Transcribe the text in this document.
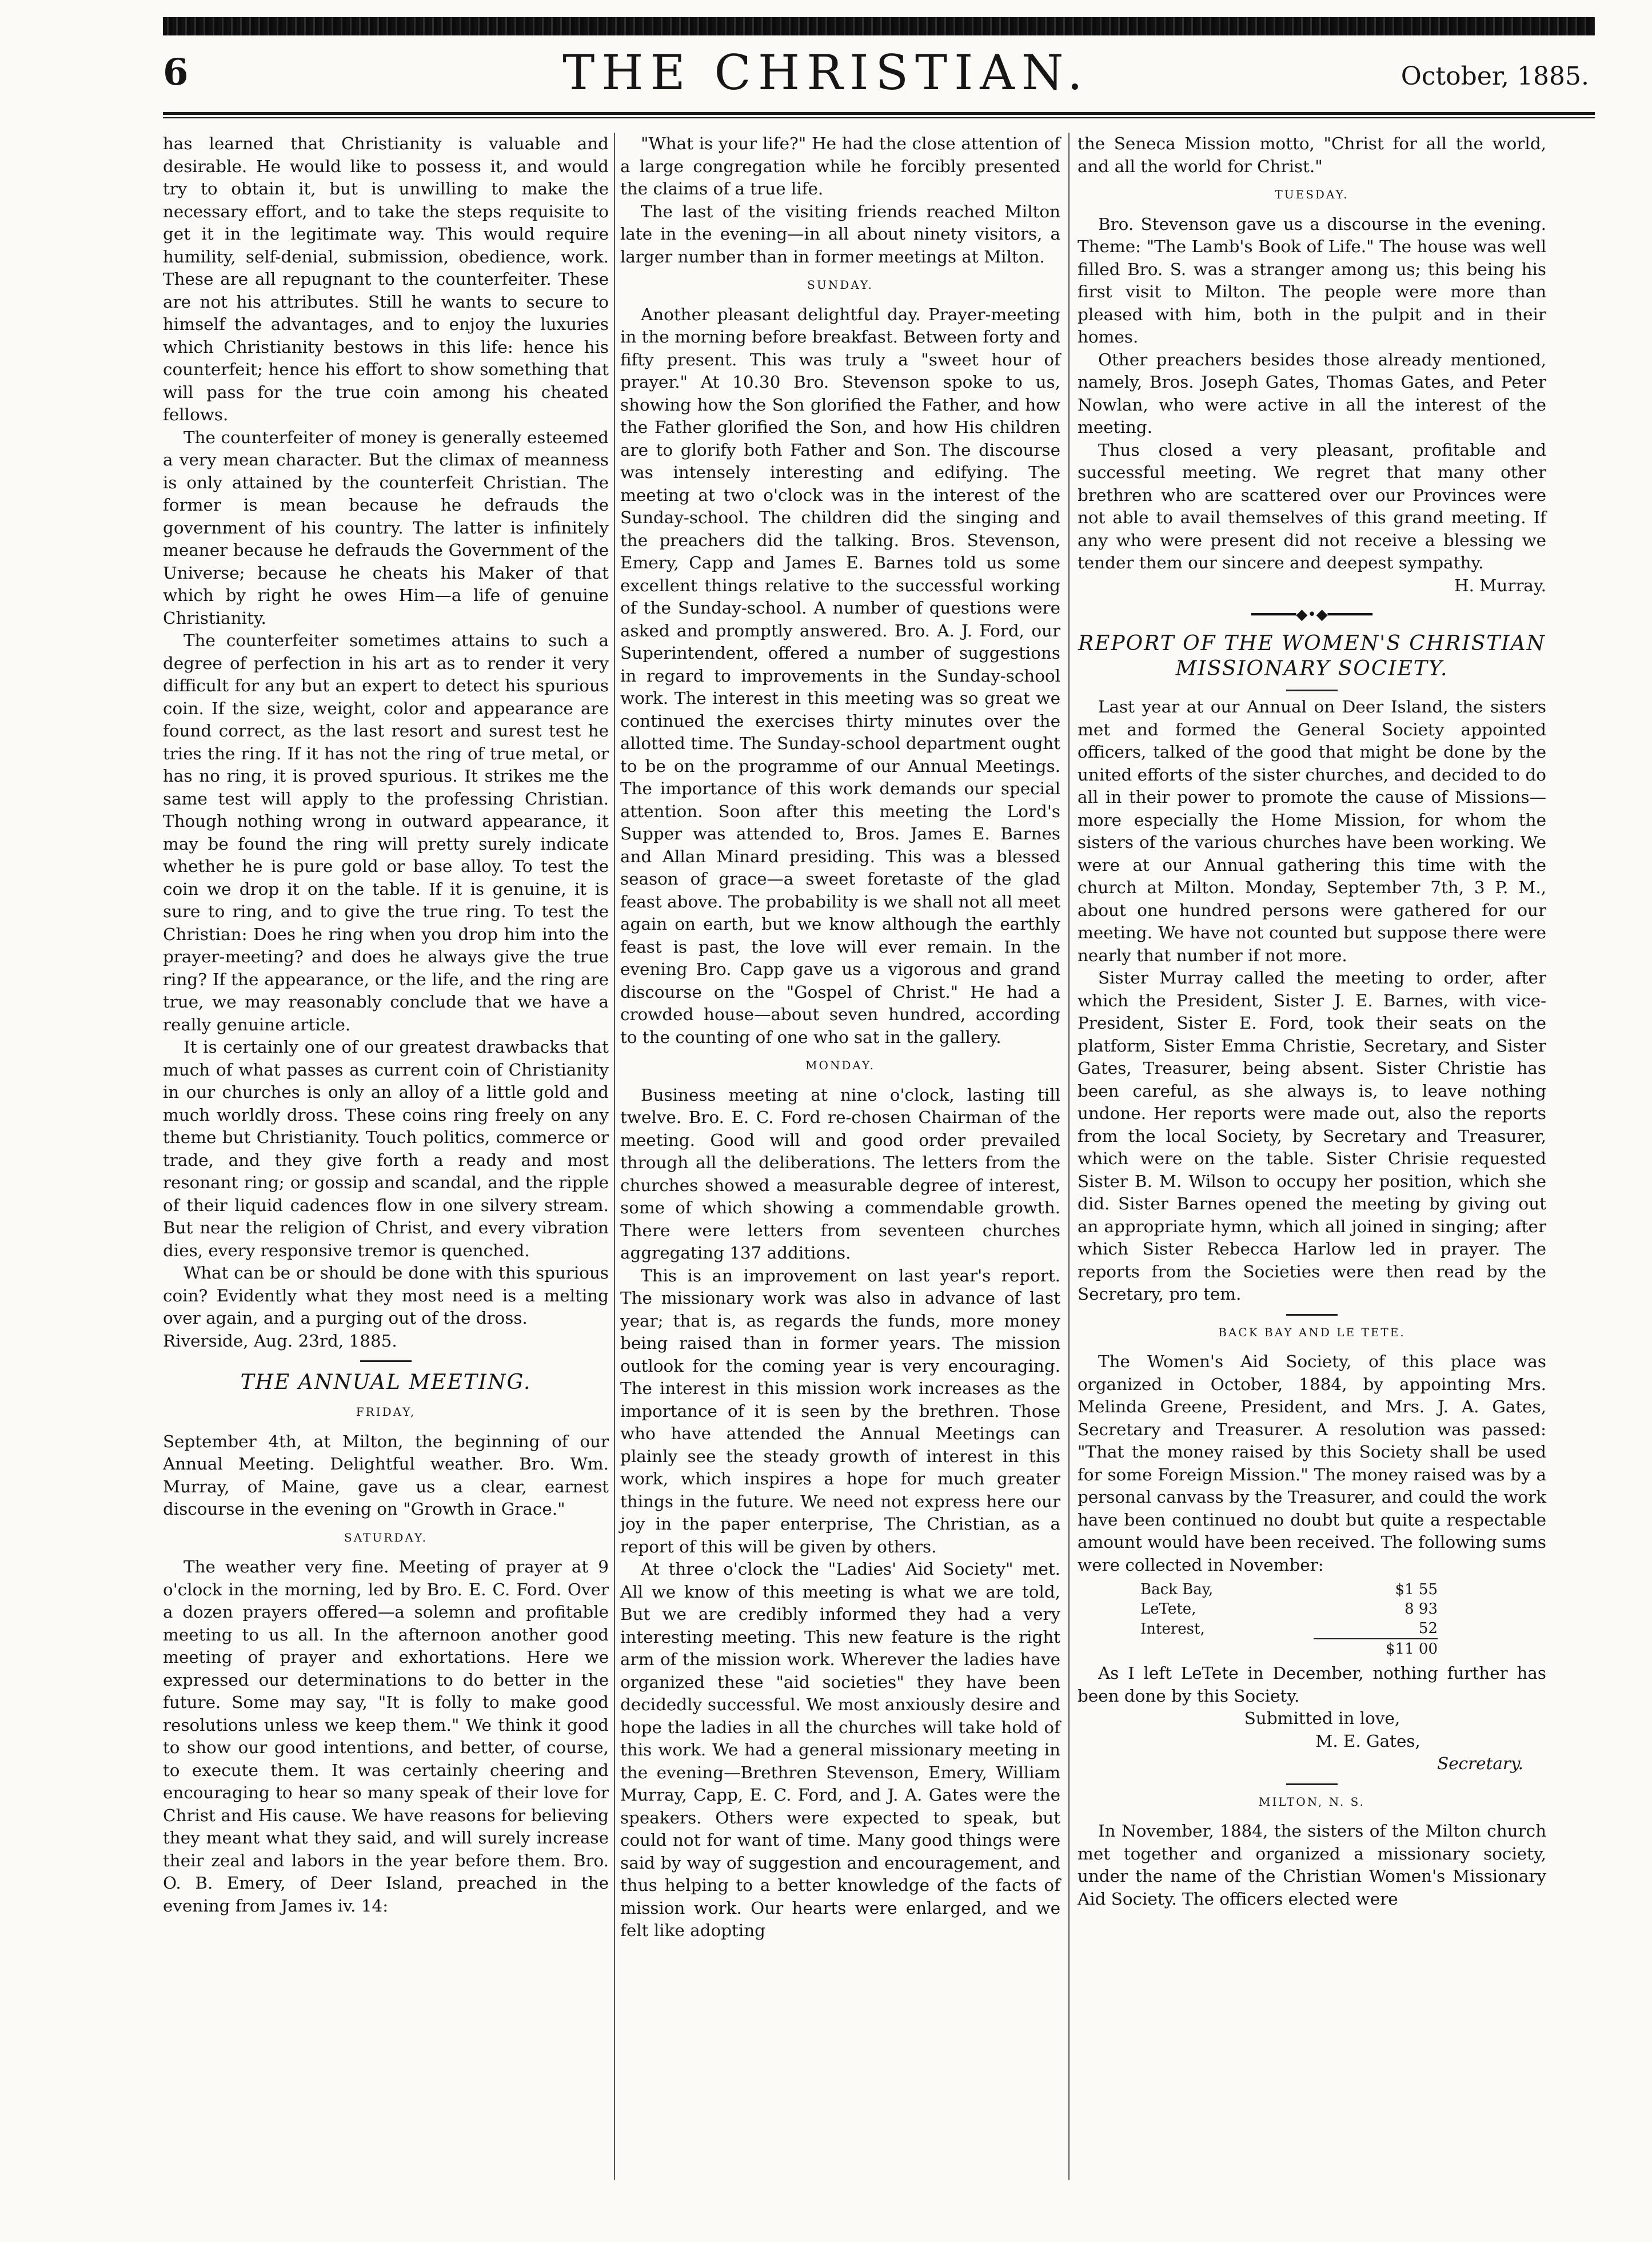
6	THE CHRISTIAN.	October, 1885.

has learned that Christianity is valuable and desirable. He would like to possess it, and would try to obtain it, but is unwilling to make the necessary effort, and to take the steps requisite to get it in the legitimate way. This would require humility, self-denial, submission, obedience, work. These are all repugnant to the counterfeiter. These are not his attributes. Still he wants to secure to himself the advantages, and to enjoy the luxuries which Christianity bestows in this life: hence his counterfeit; hence his effort to show something that will pass for the true coin among his cheated fellows.

The counterfeiter of money is generally esteemed a very mean character. But the climax of meanness is only attained by the counterfeit Christian. The former is mean because he defrauds the government of his country. The latter is infinitely meaner because he defrauds the Government of the Universe; because he cheats his Maker of that which by right he owes Him—a life of genuine Christianity.

The counterfeiter sometimes attains to such a degree of perfection in his art as to render it very difficult for any but an expert to detect his spurious coin. If the size, weight, color and appearance are found correct, as the last resort and surest test he tries the ring. If it has not the ring of true metal, or has no ring, it is proved spurious. It strikes me the same test will apply to the professing Christian. Though nothing wrong in outward appearance, it may be found the ring will pretty surely indicate whether he is pure gold or base alloy. To test the coin we drop it on the table. If it is genuine, it is sure to ring, and to give the true ring. To test the Christian: Does he ring when you drop him into the prayer-meeting? and does he always give the true ring? If the appearance, or the life, and the ring are true, we may reasonably conclude that we have a really genuine article.

It is certainly one of our greatest drawbacks that much of what passes as current coin of Christianity in our churches is only an alloy of a little gold and much worldly dross. These coins ring freely on any theme but Christianity. Touch politics, commerce or trade, and they give forth a ready and most resonant ring; or gossip and scandal, and the ripple of their liquid cadences flow in one silvery stream. But near the religion of Christ, and every vibration dies, every responsive tremor is quenched.

What can be or should be done with this spurious coin? Evidently what they most need is a melting over again, and a purging out of the dross.

Riverside, Aug. 23rd, 1885.

THE ANNUAL MEETING.
FRIDAY,

September 4th, at Milton, the beginning of our Annual Meeting. Delightful weather. Bro. Wm. Murray, of Maine, gave us a clear, earnest discourse in the evening on "Growth in Grace."

SATURDAY.

The weather very fine. Meeting of prayer at 9 o'clock in the morning, led by Bro. E. C. Ford. Over a dozen prayers offered—a solemn and profitable meeting to us all. In the afternoon another good meeting of prayer and exhortations. Here we expressed our determinations to do better in the future. Some may say, "It is folly to make good resolutions unless we keep them." We think it good to show our good intentions, and better, of course, to execute them. It was certainly cheering and encouraging to hear so many speak of their love for Christ and His cause. We have reasons for believing they meant what they said, and will surely increase their zeal and labors in the year before them. Bro. O. B. Emery, of Deer Island, preached in the evening from James iv. 14:

"What is your life?" He had the close attention of a large congregation while he forcibly presented the claims of a true life.

The last of the visiting friends reached Milton late in the evening—in all about ninety visitors, a larger number than in former meetings at Milton.

SUNDAY.

Another pleasant delightful day. Prayer-meeting in the morning before breakfast. Between forty and fifty present. This was truly a "sweet hour of prayer." At 10.30 Bro. Stevenson spoke to us, showing how the Son glorified the Father, and how the Father glorified the Son, and how His children are to glorify both Father and Son. The discourse was intensely interesting and edifying. The meeting at two o'clock was in the interest of the Sunday-school. The children did the singing and the preachers did the talking. Bros. Stevenson, Emery, Capp and James E. Barnes told us some excellent things relative to the successful working of the Sunday-school. A number of questions were asked and promptly answered. Bro. A. J. Ford, our Superintendent, offered a number of suggestions in regard to improvements in the Sunday-school work. The interest in this meeting was so great we continued the exercises thirty minutes over the allotted time. The Sunday-school department ought to be on the programme of our Annual Meetings. The importance of this work demands our special attention. Soon after this meeting the Lord's Supper was attended to, Bros. James E. Barnes and Allan Minard presiding. This was a blessed season of grace—a sweet foretaste of the glad feast above. The probability is we shall not all meet again on earth, but we know although the earthly feast is past, the love will ever remain. In the evening Bro. Capp gave us a vigorous and grand discourse on the "Gospel of Christ." He had a crowded house—about seven hundred, according to the counting of one who sat in the gallery.

MONDAY.

Business meeting at nine o'clock, lasting till twelve. Bro. E. C. Ford re-chosen Chairman of the meeting. Good will and good order prevailed through all the deliberations. The letters from the churches showed a measurable degree of interest, some of which showing a commendable growth. There were letters from seventeen churches aggregating 137 additions.

This is an improvement on last year's report. The missionary work was also in advance of last year; that is, as regards the funds, more money being raised than in former years. The mission outlook for the coming year is very encouraging. The interest in this mission work increases as the importance of it is seen by the brethren. Those who have attended the Annual Meetings can plainly see the steady growth of interest in this work, which inspires a hope for much greater things in the future. We need not express here our joy in the paper enterprise, The Christian, as a report of this will be given by others.

At three o'clock the "Ladies' Aid Society" met. All we know of this meeting is what we are told, But we are credibly informed they had a very interesting meeting. This new feature is the right arm of the mission work. Wherever the ladies have organized these "aid societies" they have been decidedly successful. We most anxiously desire and hope the ladies in all the churches will take hold of this work. We had a general missionary meeting in the evening—Brethren Stevenson, Emery, William Murray, Capp, E. C. Ford, and J. A. Gates were the speakers. Others were expected to speak, but could not for want of time. Many good things were said by way of suggestion and encouragement, and thus helping to a better knowledge of the facts of mission work. Our hearts were enlarged, and we felt like adopting

the Seneca Mission motto, "Christ for all the world, and all the world for Christ."

TUESDAY.

Bro. Stevenson gave us a discourse in the evening. Theme: "The Lamb's Book of Life." The house was well filled Bro. S. was a stranger among us; this being his first visit to Milton. The people were more than pleased with him, both in the pulpit and in their homes.

Other preachers besides those already mentioned, namely, Bros. Joseph Gates, Thomas Gates, and Peter Nowlan, who were active in all the interest of the meeting.

Thus closed a very pleasant, profitable and successful meeting. We regret that many other brethren who are scattered over our Provinces were not able to avail themselves of this grand meeting. If any who were present did not receive a blessing we tender them our sincere and deepest sympathy.

H. Murray.

━━━━━◆•◆━━━━━
REPORT OF THE WOMEN'S CHRISTIAN MISSIONARY SOCIETY.

Last year at our Annual on Deer Island, the sisters met and formed the General Society appointed officers, talked of the good that might be done by the united efforts of the sister churches, and decided to do all in their power to promote the cause of Missions—more especially the Home Mission, for whom the sisters of the various churches have been working. We were at our Annual gathering this time with the church at Milton. Monday, September 7th, 3 P. M., about one hundred persons were gathered for our meeting. We have not counted but suppose there were nearly that number if not more.

Sister Murray called the meeting to order, after which the President, Sister J. E. Barnes, with vice-President, Sister E. Ford, took their seats on the platform, Sister Emma Christie, Secretary, and Sister Gates, Treasurer, being absent. Sister Christie has been careful, as she always is, to leave nothing undone. Her reports were made out, also the reports from the local Society, by Secretary and Treasurer, which were on the table. Sister Chrisie requested Sister B. M. Wilson to occupy her position, which she did. Sister Barnes opened the meeting by giving out an appropriate hymn, which all joined in singing; after which Sister Rebecca Harlow led in prayer. The reports from the Societies were then read by the Secretary, pro tem.

BACK BAY AND LE TETE.

The Women's Aid Society, of this place was organized in October, 1884, by appointing Mrs. Melinda Greene, President, and Mrs. J. A. Gates, Secretary and Treasurer. A resolution was passed: "That the money raised by this Society shall be used for some Foreign Mission." The money raised was by a personal canvass by the Treasurer, and could the work have been continued no doubt but quite a respectable amount would have been received. The following sums were collected in November:

Back Bay,	$1 55
LeTete,	8 93
Interest,	52
	$11 00

As I left LeTete in December, nothing further has been done by this Society.

Submitted in love,

M. E. Gates,

Secretary.

MILTON, N. S.

In November, 1884, the sisters of the Milton church met together and organized a missionary society, under the name of the Christian Women's Missionary Aid Society. The officers elected were
